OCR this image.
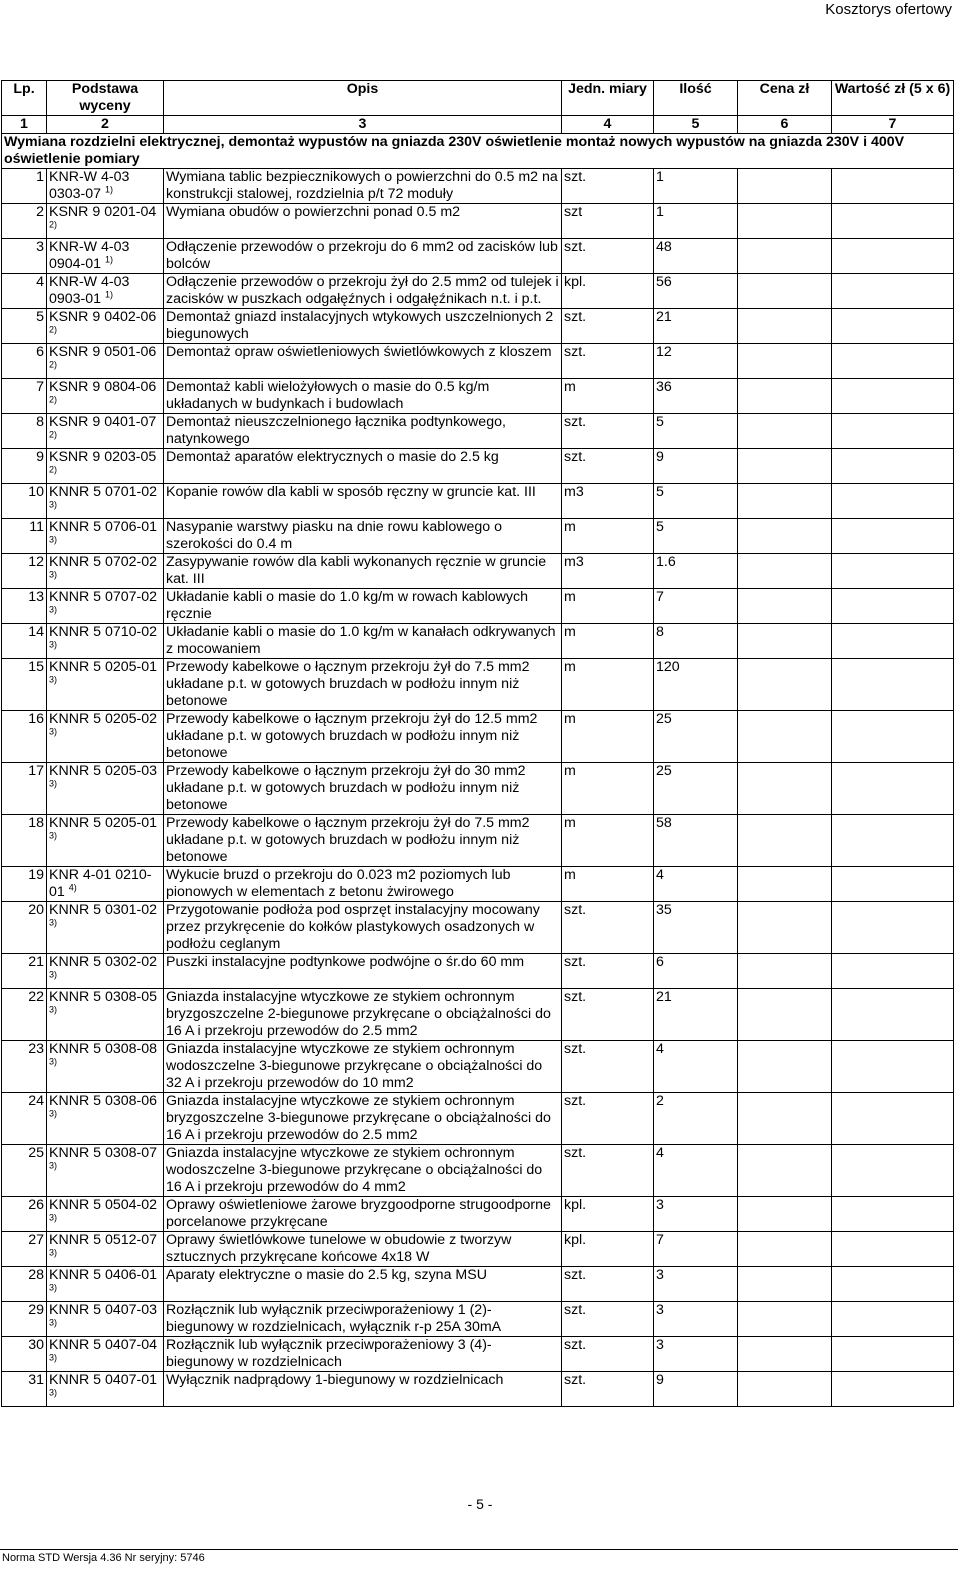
Kosztorys ofertowy
Lp.	Podstawa wyceny	Opis	Jedn. miary	Ilość	Cena zł	Wartość zł (5 x 6)
1	2	3	4	5	6	7
Wymiana rozdzielni elektrycznej, demontaż wypustów na gniazda 230V oświetlenie montaż nowych wypustów na gniazda 230V i 400V oświetlenie pomiary						
1	KNR-W 4-03 0303-07 $^{1)}$	Wymiana tablic bezpiecznikowych o powierzchni do 0.5 m2 na konstrukcji stalowej, rozdzielnia p/t 72 moduły	szt.	1		
2	KSNR 9 0201-04 $^{2)}$	Wymiana obudów o powierzchni ponad 0.5 m2	szt	1		
3	KNR-W 4-03 0904-01 $^{1)}$	Odłączenie przewodów o przekroju do 6 mm2 od zacisków lub bolców	szt.	48		
4	KNR-W 4-03 0903-01 $^{1)}$	Odłączenie przewodów o przekroju żył do 2.5 mm2 od tulejek i zacisków w puszkach odgałęźnych i odgałęźnikach n.t. i p.t.	kpl.	56		
5	KSNR 9 0402-06 $^{2)}$	Demontaż gniazd instalacyjnych wtykowych uszczelnionych 2 biegunowych	szt.	21		
6	KSNR 9 0501-06 $^{2)}$	Demontaż opraw oświetleniowych świetlówkowych z kloszem	szt.	12		
7	KSNR 9 0804-06 $^{2)}$	Demontaż kabli wielożyłowych o masie do 0.5 kg/m układanych w budynkach i budowlach	m	36		
8	KSNR 9 0401-07 $^{2)}$	Demontaż nieuszczelnionego łącznika podtynkowego, natynkowego	szt.	5		
9	KSNR 9 0203-05 $^{2)}$	Demontaż aparatów elektrycznych o masie do 2.5 kg	szt.	9		
10	KNNR 5 0701-02 $^{3)}$	Kopanie rowów dla kabli w sposób ręczny w gruncie kat. III	m3	5		
11	KNNR 5 0706-01 $^{3)}$	Nasypanie warstwy piasku na dnie rowu kablowego o szerokości do 0.4 m	m	5		
12	KNNR 5 0702-02 $^{3)}$	Zasypywanie rowów dla kabli wykonanych ręcznie w gruncie kat. III	m3	1.6		
13	KNNR 5 0707-02 $^{3)}$	Układanie kabli o masie do 1.0 kg/m w rowach kablowych ręcznie	m	7		
14	KNNR 5 0710-02 $^{3)}$	Układanie kabli o masie do 1.0 kg/m w kanałach odkrywanych z mocowaniem	m	8		
15	KNNR 5 0205-01 $^{3)}$	Przewody kabelkowe o łącznym przekroju żył do 7.5 mm2 układane p.t. w gotowych bruzdach w podłożu innym niż betonowe	m	120		
16	KNNR 5 0205-02 $^{3)}$	Przewody kabelkowe o łącznym przekroju żył do 12.5 mm2 układane p.t. w gotowych bruzdach w podłożu innym niż betonowe	m	25		
17	KNNR 5 0205-03 $^{3)}$	Przewody kabelkowe o łącznym przekroju żył do 30 mm2 układane p.t. w gotowych bruzdach w podłożu innym niż betonowe	m	25		
18	KNNR 5 0205-01 $^{3)}$	Przewody kabelkowe o łącznym przekroju żył do 7.5 mm2 układane p.t. w gotowych bruzdach w podłożu innym niż betonowe	m	58		
19	KNR 4-01 0210-01 $^{4)}$	Wykucie bruzd o przekroju do 0.023 m2 poziomych lub pionowych w elementach z betonu żwirowego	m	4		
20	KNNR 5 0301-02 $^{3)}$	Przygotowanie podłoża pod osprzęt instalacyjny mocowany przez przykręcenie do kołków plastykowych osadzonych w podłożu ceglanym	szt.	35		
21	KNNR 5 0302-02 $^{3)}$	Puszki instalacyjne podtynkowe podwójne o śr.do 60 mm	szt.	6		
22	KNNR 5 0308-05 $^{3)}$	Gniazda instalacyjne wtyczkowe ze stykiem ochronnym bryzgoszczelne 2-biegunowe przykręcane o obciążalności do 16 A i przekroju przewodów do 2.5 mm2	szt.	21		
23	KNNR 5 0308-08 $^{3)}$	Gniazda instalacyjne wtyczkowe ze stykiem ochronnym wodoszczelne 3-biegunowe przykręcane o obciążalności do 32 A i przekroju przewodów do 10 mm2	szt.	4		
24	KNNR 5 0308-06 $^{3)}$	Gniazda instalacyjne wtyczkowe ze stykiem ochronnym bryzgoszczelne 3-biegunowe przykręcane o obciążalności do 16 A i przekroju przewodów do 2.5 mm2	szt.	2		
25	KNNR 5 0308-07 $^{3)}$	Gniazda instalacyjne wtyczkowe ze stykiem ochronnym wodoszczelne 3-biegunowe przykręcane o obciążalności do 16 A i przekroju przewodów do 4 mm2	szt.	4		
26	KNNR 5 0504-02 $^{3)}$	Oprawy oświetleniowe żarowe bryzgoodporne strugoodporne porcelanowe przykręcane	kpl.	3		
27	KNNR 5 0512-07 $^{3)}$	Oprawy świetlówkowe tunelowe w obudowie z tworzyw sztucznych przykręcane końcowe 4x18 W	kpl.	7		
28	KNNR 5 0406-01 $^{3)}$	Aparaty elektryczne o masie do 2.5 kg, szyna MSU	szt.	3		
29	KNNR 5 0407-03 $^{3)}$	Rozłącznik lub wyłącznik przeciwporażeniowy 1 (2)-biegunowy w rozdzielnicach, wyłącznik r-p 25A 30mA	szt.	3		
30	KNNR 5 0407-04 $^{3)}$	Rozłącznik lub wyłącznik przeciwporażeniowy 3 (4)-biegunowy w rozdzielnicach	szt.	3		
31	KNNR 5 0407-01 $^{3)}$	Wyłącznik nadprądowy 1-biegunowy w rozdzielnicach	szt.	9		
- 5 -
Norma STD Wersja 4.36 Nr seryjny: 5746
